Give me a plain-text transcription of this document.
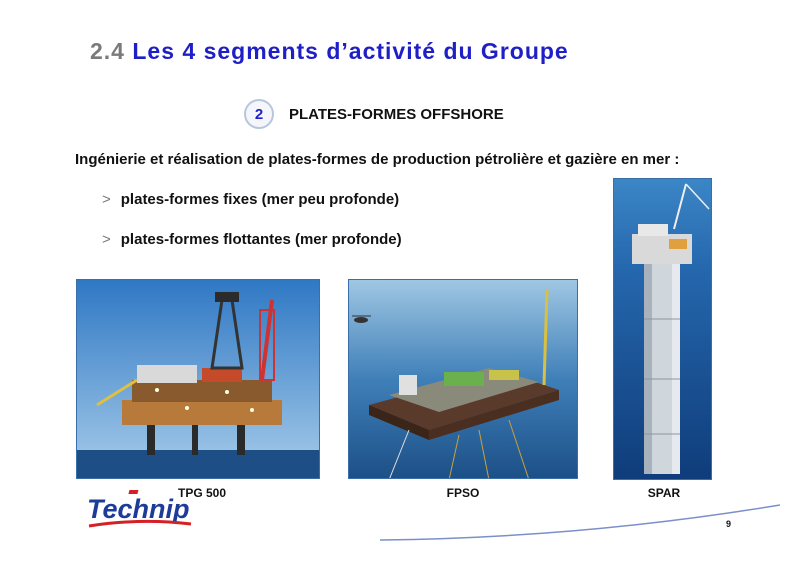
2.4 Les 4 segments d’activité du Groupe
2	PLATES-FORMES OFFSHORE
Ingénierie et réalisation de plates-formes de production pétrolière et gazière en mer :
> plates-formes fixes (mer peu profonde)
> plates-formes flottantes (mer profonde)
TPG 500	FPSO	SPAR
Technip	9
